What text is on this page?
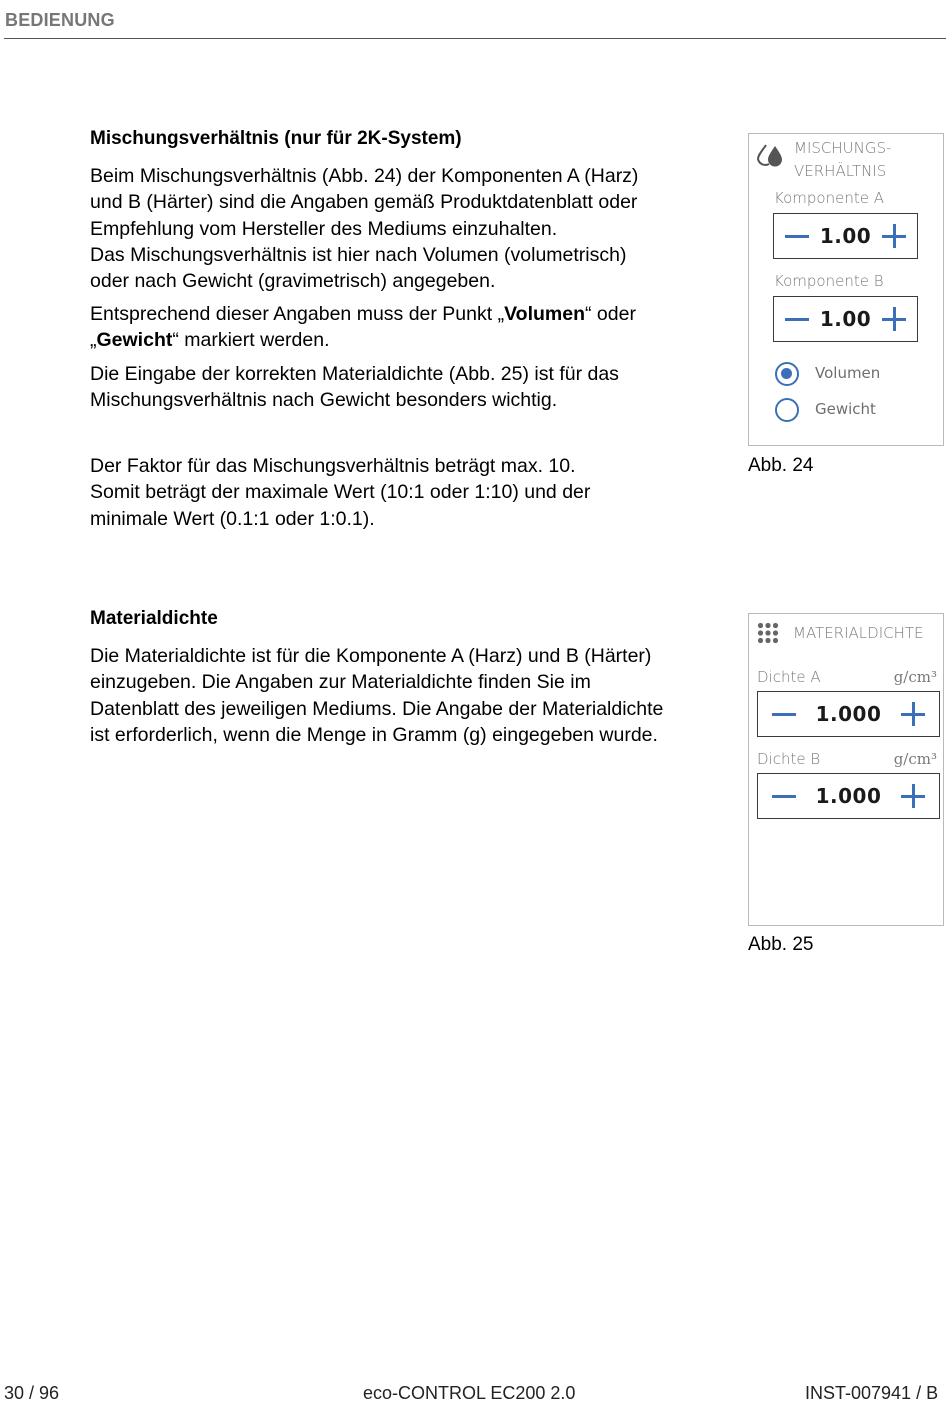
BEDIENUNG
Mischungsverhältnis (nur für 2K-System)
Beim Mischungsverhältnis (Abb. 24) der Komponenten A (Harz)
und B (Härter) sind die Angaben gemäß Produktdatenblatt oder
Empfehlung vom Hersteller des Mediums einzuhalten.
Das Mischungsverhältnis ist hier nach Volumen (volumetrisch)
oder nach Gewicht (gravimetrisch) angegeben.
Entsprechend dieser Angaben muss der Punkt „Volumen“ oder
„Gewicht“ markiert werden.
Die Eingabe der korrekten Materialdichte (Abb. 25) ist für das
Mischungsverhältnis nach Gewicht besonders wichtig.
Der Faktor für das Mischungsverhältnis beträgt max. 10.
Somit beträgt der maximale Wert (10:1 oder 1:10) und der
minimale Wert (0.1:1 oder 1:0.1).
MISCHUNGS-
VERHÄLTNIS
Komponente A
1.00
Komponente B
1.00
Volumen
Gewicht
Abb. 24
Materialdichte
Die Materialdichte ist für die Komponente A (Harz) und B (Härter)
einzugeben. Die Angaben zur Materialdichte finden Sie im
Datenblatt des jeweiligen Mediums. Die Angabe der Materialdichte
ist erforderlich, wenn die Menge in Gramm (g) eingegeben wurde.
MATERIALDICHTE
Dichte A	g/cm³
1.000
Dichte B	g/cm³
1.000
Abb. 25
30 / 96	eco-CONTROL EC200 2.0	INST-007941 / B
